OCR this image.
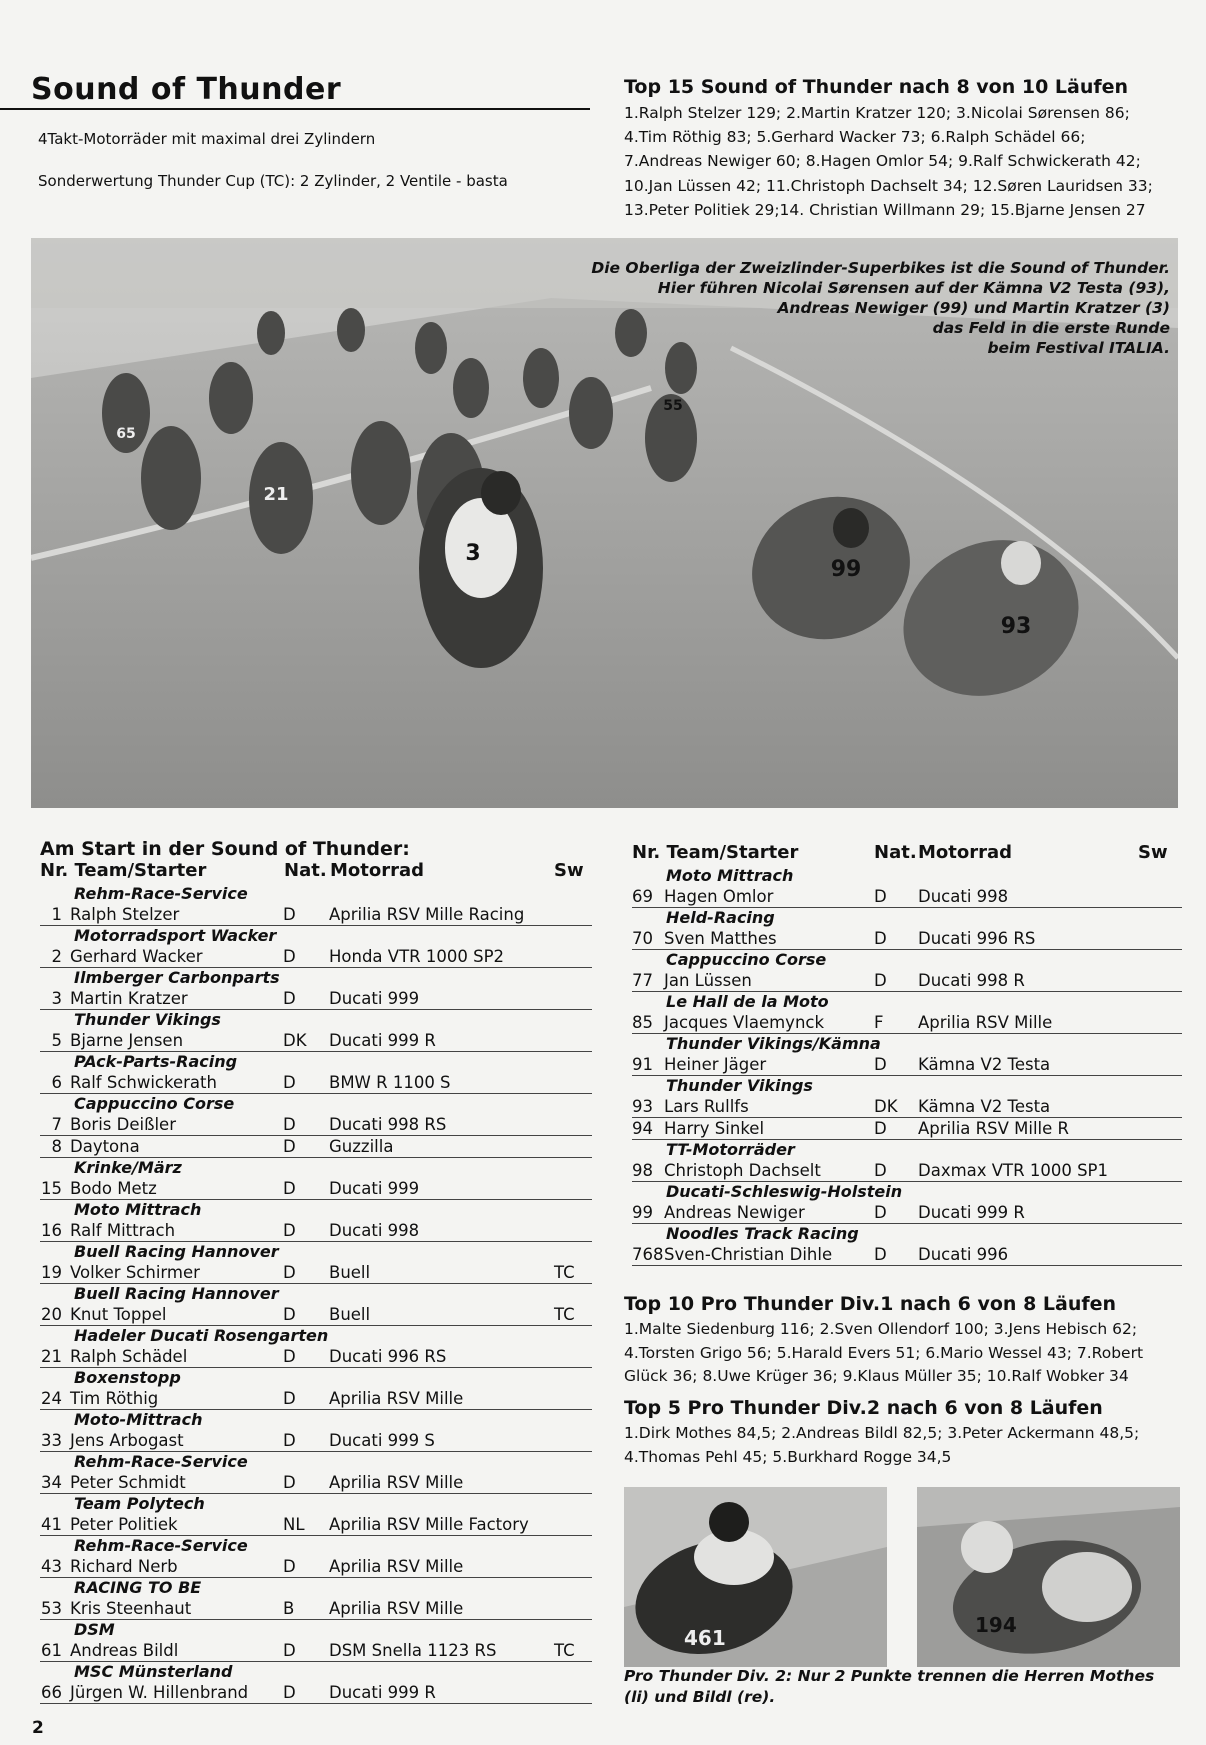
Sound of Thunder
4Takt-Motorräder mit maximal drei Zylindern
Sonderwertung Thunder Cup (TC): 2 Zylinder, 2 Ventile - basta
Top 15 Sound of Thunder nach 8 von 10 Läufen
1.Ralph Stelzer 129; 2.Martin Kratzer 120; 3.Nicolai Sørensen 86;
4.Tim Röthig 83; 5.Gerhard Wacker 73; 6.Ralph Schädel 66;
7.Andreas Newiger 60; 8.Hagen Omlor 54; 9.Ralf Schwickerath 42;
10.Jan Lüssen 42; 11.Christoph Dachselt 34; 12.Søren Lauridsen 33;
13.Peter Politiek 29;14. Christian Willmann 29; 15.Bjarne Jensen 27
3
99
93
21
55
65
Die Oberliga der Zweizlinder-Superbikes ist die Sound of Thunder.
Hier führen Nicolai Sørensen auf der Kämna V2 Testa (93),
Andreas Newiger (99) und Martin Kratzer (3)
das Feld in die erste Runde
beim Festival ITALIA.
Am Start in der Sound of Thunder:
Nr. Team/Starter	Nat. Motorrad	Sw
Rehm-Race-Service
1 Ralph Stelzer	D Aprilia RSV Mille Racing
Motorradsport Wacker
2 Gerhard Wacker	D Honda VTR 1000 SP2
Ilmberger Carbonparts
3 Martin Kratzer	D Ducati 999
Thunder Vikings
5 Bjarne Jensen	DK Ducati 999 R
PAck-Parts-Racing
6 Ralf Schwickerath	D BMW R 1100 S
Cappuccino Corse
7 Boris Deißler	D Ducati 998 RS
8 Daytona	D Guzzilla
Krinke/März
15 Bodo Metz	D Ducati 999
Moto Mittrach
16 Ralf Mittrach	D Ducati 998
Buell Racing Hannover
19 Volker Schirmer	D Buell	TC
Buell Racing Hannover
20 Knut Toppel	D Buell	TC
Hadeler Ducati Rosengarten
21 Ralph Schädel	D Ducati 996 RS
Boxenstopp
24 Tim Röthig	D Aprilia RSV Mille
Moto-Mittrach
33 Jens Arbogast	D Ducati 999 S
Rehm-Race-Service
34 Peter Schmidt	D Aprilia RSV Mille
Team Polytech
41 Peter Politiek	NL Aprilia RSV Mille Factory
Rehm-Race-Service
43 Richard Nerb	D Aprilia RSV Mille
RACING TO BE
53 Kris Steenhaut	B Aprilia RSV Mille
DSM
61 Andreas Bildl	D DSM Snella 1123 RS	TC
MSC Münsterland
66 Jürgen W. Hillenbrand D Ducati 999 R
Nr. Team/Starter	Nat. Motorrad	Sw
Moto Mittrach
69 Hagen Omlor	D Ducati 998
Held-Racing
70 Sven Matthes	D Ducati 996 RS
Cappuccino Corse
77 Jan Lüssen	D Ducati 998 R
Le Hall de la Moto
85 Jacques Vlaemynck	F Aprilia RSV Mille
Thunder Vikings/Kämna
91 Heiner Jäger	D Kämna V2 Testa
Thunder Vikings
93 Lars Rullfs	DK Kämna V2 Testa
94 Harry Sinkel	D Aprilia RSV Mille R
TT-Motorräder
98 Christoph Dachselt	D Daxmax VTR 1000 SP1
Ducati-Schleswig-Holstein
99 Andreas Newiger	D Ducati 999 R
Noodles Track Racing
768 Sven-Christian Dihle	D Ducati 996
Top 10 Pro Thunder Div.1 nach 6 von 8 Läufen
1.Malte Siedenburg 116; 2.Sven Ollendorf 100; 3.Jens Hebisch 62;
4.Torsten Grigo 56; 5.Harald Evers 51; 6.Mario Wessel 43; 7.Robert
Glück 36; 8.Uwe Krüger 36; 9.Klaus Müller 35; 10.Ralf Wobker 34
Top 5 Pro Thunder Div.2 nach 6 von 8 Läufen
1.Dirk Mothes 84,5; 2.Andreas Bildl 82,5; 3.Peter Ackermann 48,5;
4.Thomas Pehl 45; 5.Burkhard Rogge 34,5
461
194
Pro Thunder Div. 2: Nur 2 Punkte trennen die Herren Mothes
(li) und Bildl (re).
2
